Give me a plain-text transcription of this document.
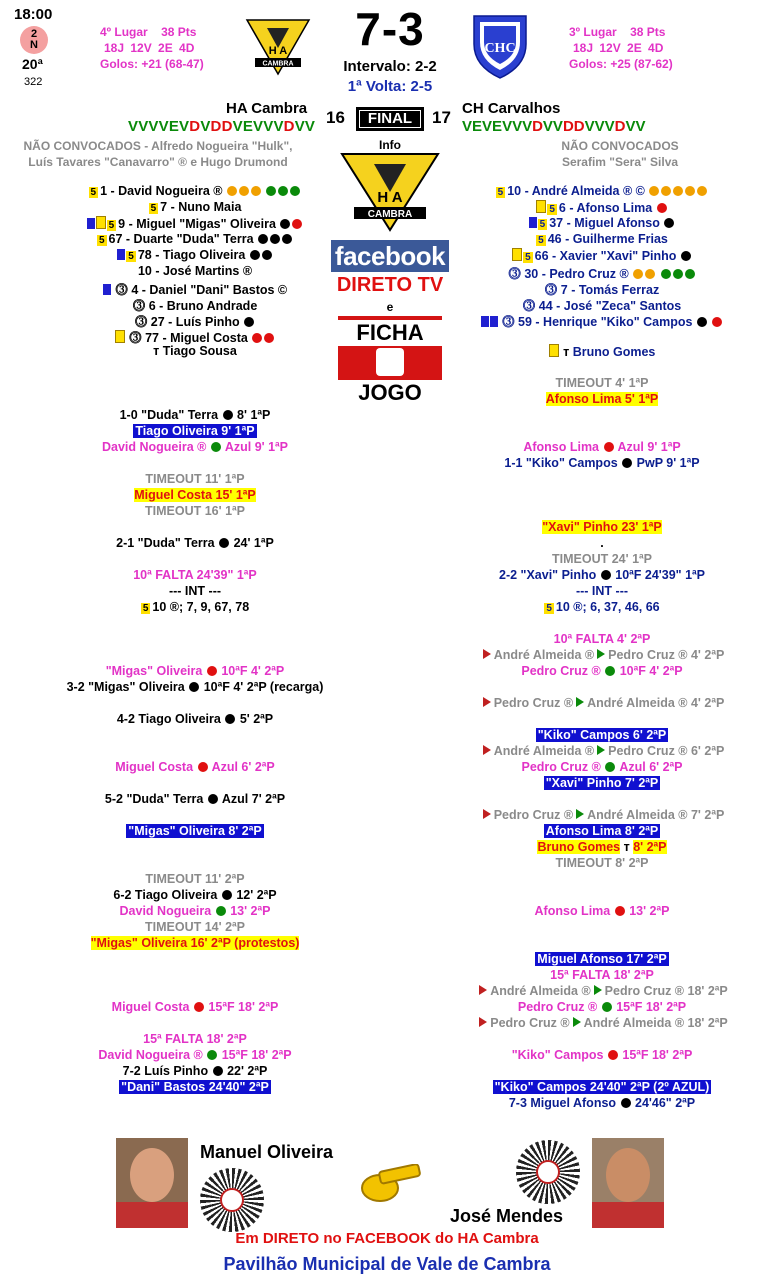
18:00
2
N
20ª
322
4º Lugar 38 Pts
18J 12V 2E 4D
Golos: +21 (68-47)
H A
CAMBRA
7-3
Intervalo: 2-2
1ª Volta: 2-5
CHC
3º Lugar 38 Pts
18J 12V 2E 4D
Golos: +25 (87-62)
HA Cambra
VVVVEVDVDDVEVVVDVV 16	FINAL	17 CH Carvalhos
VEVEVVVDVVDDVVVDVV
NÃO CONVOCADOS - Alfredo Nogueira "Hulk",
Luís Tavares "Canavarro" ® e Hugo Drumond
NÃO CONVOCADOS
Serafim "Sera" Silva
Info
H A
CAMBRA
facebook
DIRETO TV
e
FICHA
JOGO
5 1 - David Nogueira ®
5 7 - Nuno Maia
5 9 - Miguel "Migas" Oliveira
5 67 - Duarte "Duda" Terra
5 78 - Tiago Oliveira
10 - José Martins ®
⓷ 4 - Daniel "Dani" Bastos ©
⓷ 6 - Bruno Andrade
⓷ 27 - Luís Pinho
⓷ 77 - Miguel Costa
ᴛ Tiago Sousa
5 10 - André Almeida ® ©
5 6 - Afonso Lima
5 37 - Miguel Afonso
5 46 - Guilherme Frias
5 66 - Xavier "Xavi" Pinho
⓷ 30 - Pedro Cruz ®
⓷ 7 - Tomás Ferraz
⓷ 44 - José "Zeca" Santos
⓷ 59 - Henrique "Kiko" Campos
ᴛ Bruno Gomes
1-0 "Duda" Terra 8' 1ªP
Tiago Oliveira 9' 1ªP
David Nogueira ® Azul 9' 1ªP
TIMEOUT 11' 1ªP
Miguel Costa 15' 1ªP
TIMEOUT 16' 1ªP
2-1 "Duda" Terra 24' 1ªP
10ª FALTA 24'39" 1ªP
--- INT ---
5 10 ®; 7, 9, 67, 78
"Migas" Oliveira 10ªF 4' 2ªP
3-2 "Migas" Oliveira 10ªF 4' 2ªP (recarga)
4-2 Tiago Oliveira 5' 2ªP
Miguel Costa Azul 6' 2ªP
5-2 "Duda" Terra Azul 7' 2ªP
"Migas" Oliveira 8' 2ªP
TIMEOUT 11' 2ªP
6-2 Tiago Oliveira 12' 2ªP
David Nogueira 13' 2ªP
TIMEOUT 14' 2ªP
"Migas" Oliveira 16' 2ªP (protestos)
Miguel Costa 15ªF 18' 2ªP
15ª FALTA 18' 2ªP
David Nogueira ® 15ªF 18' 2ªP
7-2 Luís Pinho 22' 2ªP
"Dani" Bastos 24'40" 2ªP
TIMEOUT 4' 1ªP
Afonso Lima 5' 1ªP
Afonso Lima Azul 9' 1ªP
1-1 "Kiko" Campos PwP 9' 1ªP
"Xavi" Pinho 23' 1ªP
.
TIMEOUT 24' 1ªP
2-2 "Xavi" Pinho 10ªF 24'39" 1ªP
--- INT ---
5 10 ®; 6, 37, 46, 66
10ª FALTA 4' 2ªP
André Almeida ® Pedro Cruz ® 4' 2ªP
Pedro Cruz ® 10ªF 4' 2ªP
Pedro Cruz ® André Almeida ® 4' 2ªP
"Kiko" Campos 6' 2ªP
André Almeida ® Pedro Cruz ® 6' 2ªP
Pedro Cruz ® Azul 6' 2ªP
"Xavi" Pinho 7' 2ªP
Pedro Cruz ® André Almeida ® 7' 2ªP
Afonso Lima 8' 2ªP
Bruno Gomes ᴛ 8' 2ªP
TIMEOUT 8' 2ªP
Afonso Lima 13' 2ªP
Miguel Afonso 17' 2ªP
15ª FALTA 18' 2ªP
André Almeida ® Pedro Cruz ® 18' 2ªP
Pedro Cruz ® 15ªF 18' 2ªP
Pedro Cruz ® André Almeida ® 18' 2ªP
"Kiko" Campos 15ªF 18' 2ªP
"Kiko" Campos 24'40" 2ªP (2º AZUL)
7-3 Miguel Afonso 24'46" 2ªP
Manuel Oliveira
José Mendes
Em DIRETO no FACEBOOK do HA Cambra
Pavilhão Municipal de Vale de Cambra
